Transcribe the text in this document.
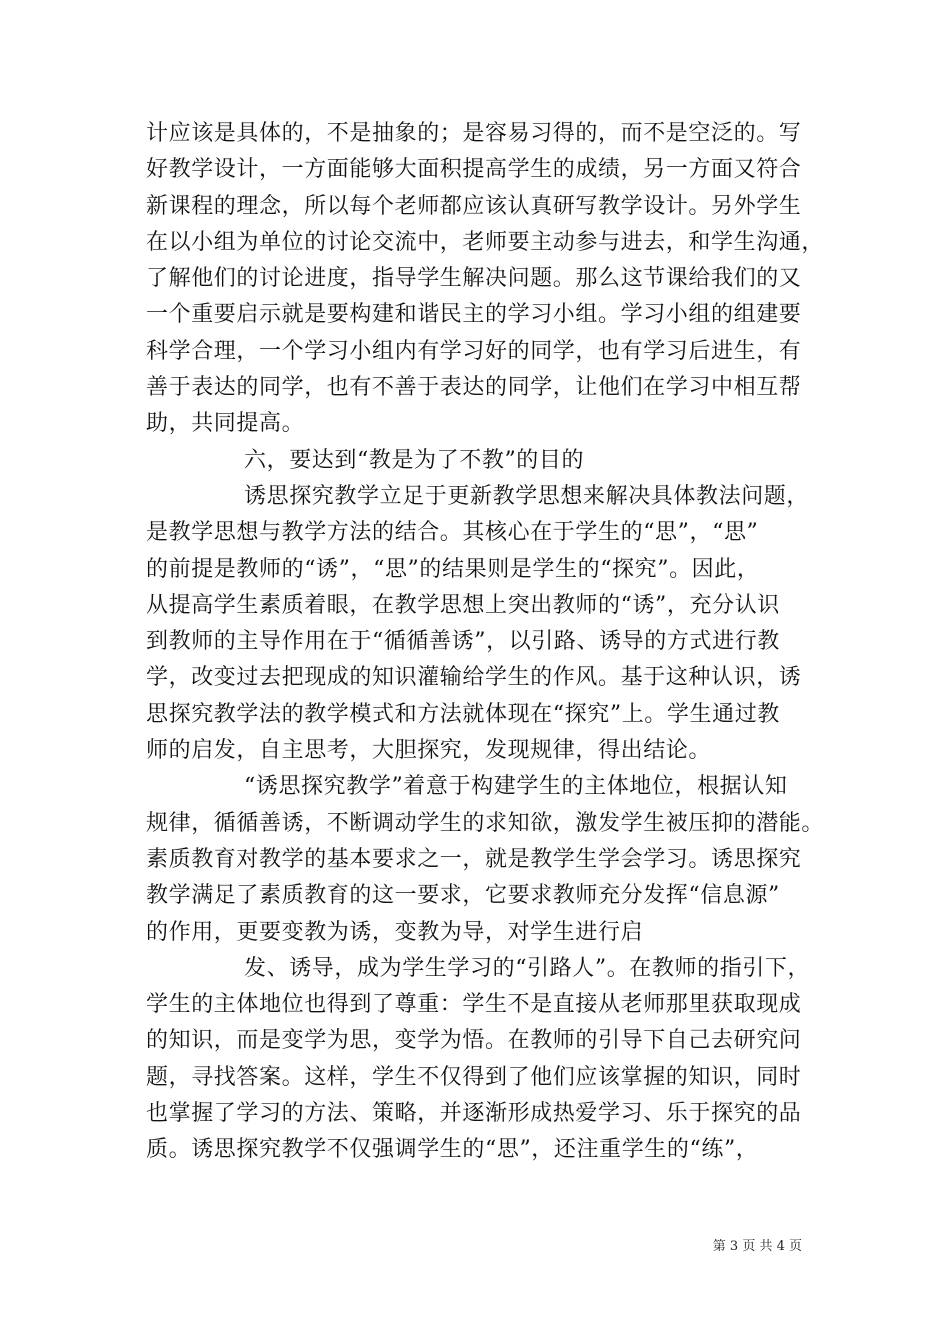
计应该是具体的，不是抽象的；是容易习得的，而不是空泛的。写
好教学设计，一方面能够大面积提高学生的成绩，另一方面又符合
新课程的理念，所以每个老师都应该认真研写教学设计。另外学生
在以小组为单位的讨论交流中，老师要主动参与进去，和学生沟通，
了解他们的讨论进度，指导学生解决问题。那么这节课给我们的又
一个重要启示就是要构建和谐民主的学习小组。学习小组的组建要
科学合理，一个学习小组内有学习好的同学，也有学习后进生，有
善于表达的同学，也有不善于表达的同学，让他们在学习中相互帮
助，共同提高。
六，要达到“教是为了不教”的目的
诱思探究教学立足于更新教学思想来解决具体教法问题，
是教学思想与教学方法的结合。其核心在于学生的“思”，“思”
的前提是教师的“诱”，“思”的结果则是学生的“探究”。因此，
从提高学生素质着眼，在教学思想上突出教师的“诱”，充分认识
到教师的主导作用在于“循循善诱”，以引路、诱导的方式进行教
学，改变过去把现成的知识灌输给学生的作风。基于这种认识，诱
思探究教学法的教学模式和方法就体现在“探究”上。学生通过教
师的启发，自主思考，大胆探究，发现规律，得出结论。
“诱思探究教学”着意于构建学生的主体地位，根据认知
规律，循循善诱，不断调动学生的求知欲，激发学生被压抑的潜能。
素质教育对教学的基本要求之一，就是教学生学会学习。诱思探究
教学满足了素质教育的这一要求，它要求教师充分发挥“信息源”
的作用，更要变教为诱，变教为导，对学生进行启
发、诱导，成为学生学习的“引路人”。在教师的指引下，
学生的主体地位也得到了尊重：学生不是直接从老师那里获取现成
的知识，而是变学为思，变学为悟。在教师的引导下自己去研究问
题，寻找答案。这样，学生不仅得到了他们应该掌握的知识，同时
也掌握了学习的方法、策略，并逐渐形成热爱学习、乐于探究的品
质。诱思探究教学不仅强调学生的“思”，还注重学生的“练”，
第 3 页 共 4 页
